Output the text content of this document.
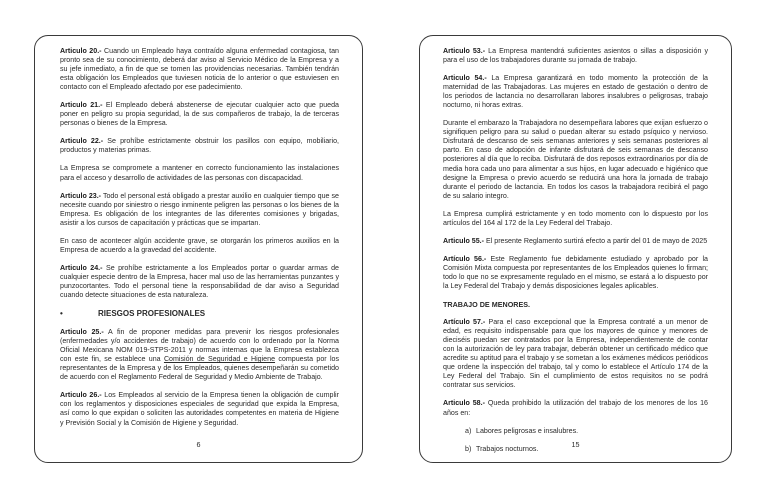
Articulo 20.- Cuando un Empleado haya contraído alguna enfermedad contagiosa, tan pronto sea de su conocimiento, deberá dar aviso al Servicio Médico de la Empresa y a su jefe inmediato, a fin de que se tomen las providencias necesarias. También tendrán esta obligación los Empleados que tuviesen noticia de lo anterior o que estuviesen en contacto con el Empleado afectado por ese padecimiento.

Articulo 21.- El Empleado deberá abstenerse de ejecutar cualquier acto que pueda poner en peligro su propia seguridad, la de sus compañeros de trabajo, la de terceras personas o bienes de la Empresa.

Articulo 22.- Se prohíbe estrictamente obstruir los pasillos con equipo, mobiliario, productos y materias primas.

La Empresa se compromete a mantener en correcto funcionamiento las instalaciones para el acceso y desarrollo de actividades de las personas con discapacidad.

Articulo 23.- Todo el personal está obligado a prestar auxilio en cualquier tiempo que se necesite cuando por siniestro o riesgo inminente peligren las personas o los bienes de la Empresa. Es obligación de los integrantes de las diferentes comisiones y brigadas, asistir a los cursos de capacitación y prácticas que se impartan.

En caso de acontecer algún accidente grave, se otorgarán los primeros auxilios en la Empresa de acuerdo a la gravedad del accidente.

Articulo 24.- Se prohíbe estrictamente a los Empleados portar o guardar armas de cualquier especie dentro de la Empresa, hacer mal uso de las herramientas punzantes y punzocortantes. Todo el personal tiene la responsabilidad de dar aviso a Seguridad cuando detecte situaciones de esta naturaleza.

•	RIESGOS PROFESIONALES

Articulo 25.- A fin de proponer medidas para prevenir los riesgos profesionales (enfermedades y/o accidentes de trabajo) de acuerdo con lo ordenado por la Norma Oficial Mexicana NOM 019-STPS-2011 y normas internas que la Empresa establezca con este fin, se establece una Comisión de Seguridad e Higiene compuesta por los representantes de la Empresa y de los Empleados, quienes desempeñarán su cometido de acuerdo con el Reglamento Federal de Seguridad y Medio Ambiente de Trabajo.

Articulo 26.- Los Empleados al servicio de la Empresa tienen la obligación de cumplir con los reglamentos y disposiciones especiales de seguridad que expida la Empresa, así como lo que expidan o soliciten las autoridades competentes en materia de Higiene y Previsión Social y la Comisión de Higiene y Seguridad.

6

Articulo 53.- La Empresa mantendrá suficientes asientos o sillas a disposición y para el uso de los trabajadores durante su jornada de trabajo.

Articulo 54.- La Empresa garantizará en todo momento la protección de la maternidad de las Trabajadoras. Las mujeres en estado de gestación o dentro de los periodos de lactancia no desarrollaran labores insalubres o peligrosas, trabajo nocturno, ni horas extras.

Durante el embarazo la Trabajadora no desempeñara labores que exijan esfuerzo o signifiquen peligro para su salud o puedan alterar su estado psíquico y nervioso. Disfrutará de descanso de seis semanas anteriores y seis semanas posteriores al parto. En caso de adopción de infante disfrutará de seis semanas de descanso posteriores al día que lo reciba. Disfrutará de dos reposos extraordinarios por día de media hora cada uno para alimentar a sus hijos, en lugar adecuado e higiénico que designe la Empresa o previo acuerdo se reducirá una hora la jornada de trabajo durante el periodo de lactancia. En todos los casos la trabajadora recibirá el pago de su salario integro.

La Empresa cumplirá estrictamente y en todo momento con lo dispuesto por los artículos del 164 al 172 de la Ley Federal del Trabajo.

Articulo 55.- El presente Reglamento surtirá efecto a partir del 01 de mayo de 2025

Artículo 56.- Este Reglamento fue debidamente estudiado y aprobado por la Comisión Mixta compuesta por representantes de los Empleados quienes lo firman; todo lo que no se expresamente regulado en el mismo, se estará a lo dispuesto por la Ley Federal del Trabajo y demás disposiciones legales aplicables.

TRABAJO DE MENORES.

Artículo 57.- Para el caso excepcional que la Empresa contraté a un menor de edad, es requisito indispensable para que los mayores de quince y menores de dieciséis puedan ser contratados por la Empresa, independientemente de contar con la autorización de ley para trabajar, deberán obtener un certificado médico que acredite su aptitud para el trabajo y se sometan a los exámenes médicos periódicos que ordene la inspección del trabajo, tal y como lo establece el Artículo 174 de la Ley Federal del Trabajo. Sin el cumplimiento de estos requisitos no se podrá contratar sus servicios.

Articulo 58.- Queda prohibido la utilización del trabajo de los menores de los 16 años en:

a) Labores peligrosas e insalubres.
b) Trabajos nocturnos.	15
